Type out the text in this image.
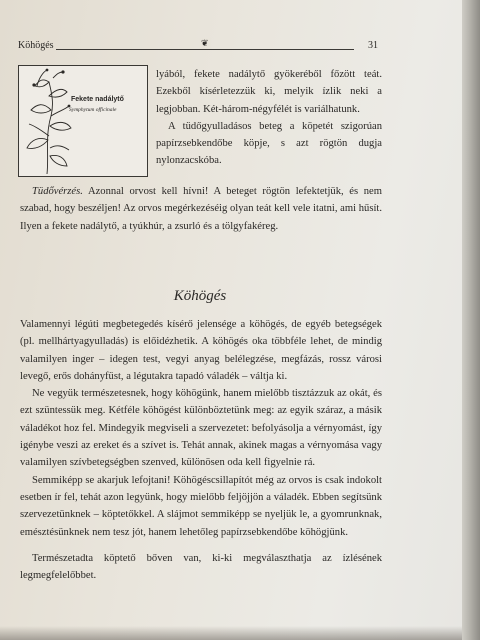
Köhögés	❦	31
Fekete nadálytő
Symphytum officinale

lyából, fekete nadálytő gyökeréből főzött teát. Ezekből kísérletezzük ki, melyik ízlik neki a legjobban. Két-három-négyfélét is variálhatunk.

A tüdőgyulladásos beteg a köpetét szigorúan papírzsebkendőbe köpje, s azt rögtön dugja nylonzacskóba.

Tüdővérzés. Azonnal orvost kell hívni! A beteget rögtön lefektetjük, és nem szabad, hogy beszéljen! Az orvos megérkezéséig olyan teát kell vele itatni, ami hűsít. Ilyen a fekete nadálytő, a tyúkhúr, a zsurló és a tölgyfakéreg.

Köhögés

Valamennyi légúti megbetegedés kísérő jelensége a köhögés, de egyéb betegségek (pl. mellhártyagyulladás) is előidézhetik. A köhögés oka többféle lehet, de mindig valamilyen inger – idegen test, vegyi anyag belélegzése, megfázás, rossz városi levegő, erős dohányfüst, a légutakra tapadó váladék – váltja ki.

Ne vegyük természetesnek, hogy köhögünk, hanem mielőbb tisztázzuk az okát, és ezt szüntessük meg. Kétféle köhögést különböztetünk meg: az egyik száraz, a másik váladékot hoz fel. Mindegyik megviseli a szervezetet: befolyásolja a vérnyomást, így igénybe veszi az ereket és a szívet is. Tehát annak, akinek magas a vérnyomása vagy valamilyen szívbetegségben szenved, különösen oda kell figyelnie rá.

Semmiképp se akarjuk lefojtani! Köhögéscsillapítót még az orvos is csak indokolt esetben ír fel, tehát azon legyünk, hogy mielőbb feljöjjön a váladék. Ebben segítsünk szervezetünknek – köptetőkkel. A slájmot semmiképp se nyeljük le, a gyomrunknak, emésztésünknek nem tesz jót, hanem lehetőleg papírzsebkendőbe köhögjünk.

Természetadta köptető bőven van, ki-ki megválaszthatja az ízlésének legmegfelelőbbet.
